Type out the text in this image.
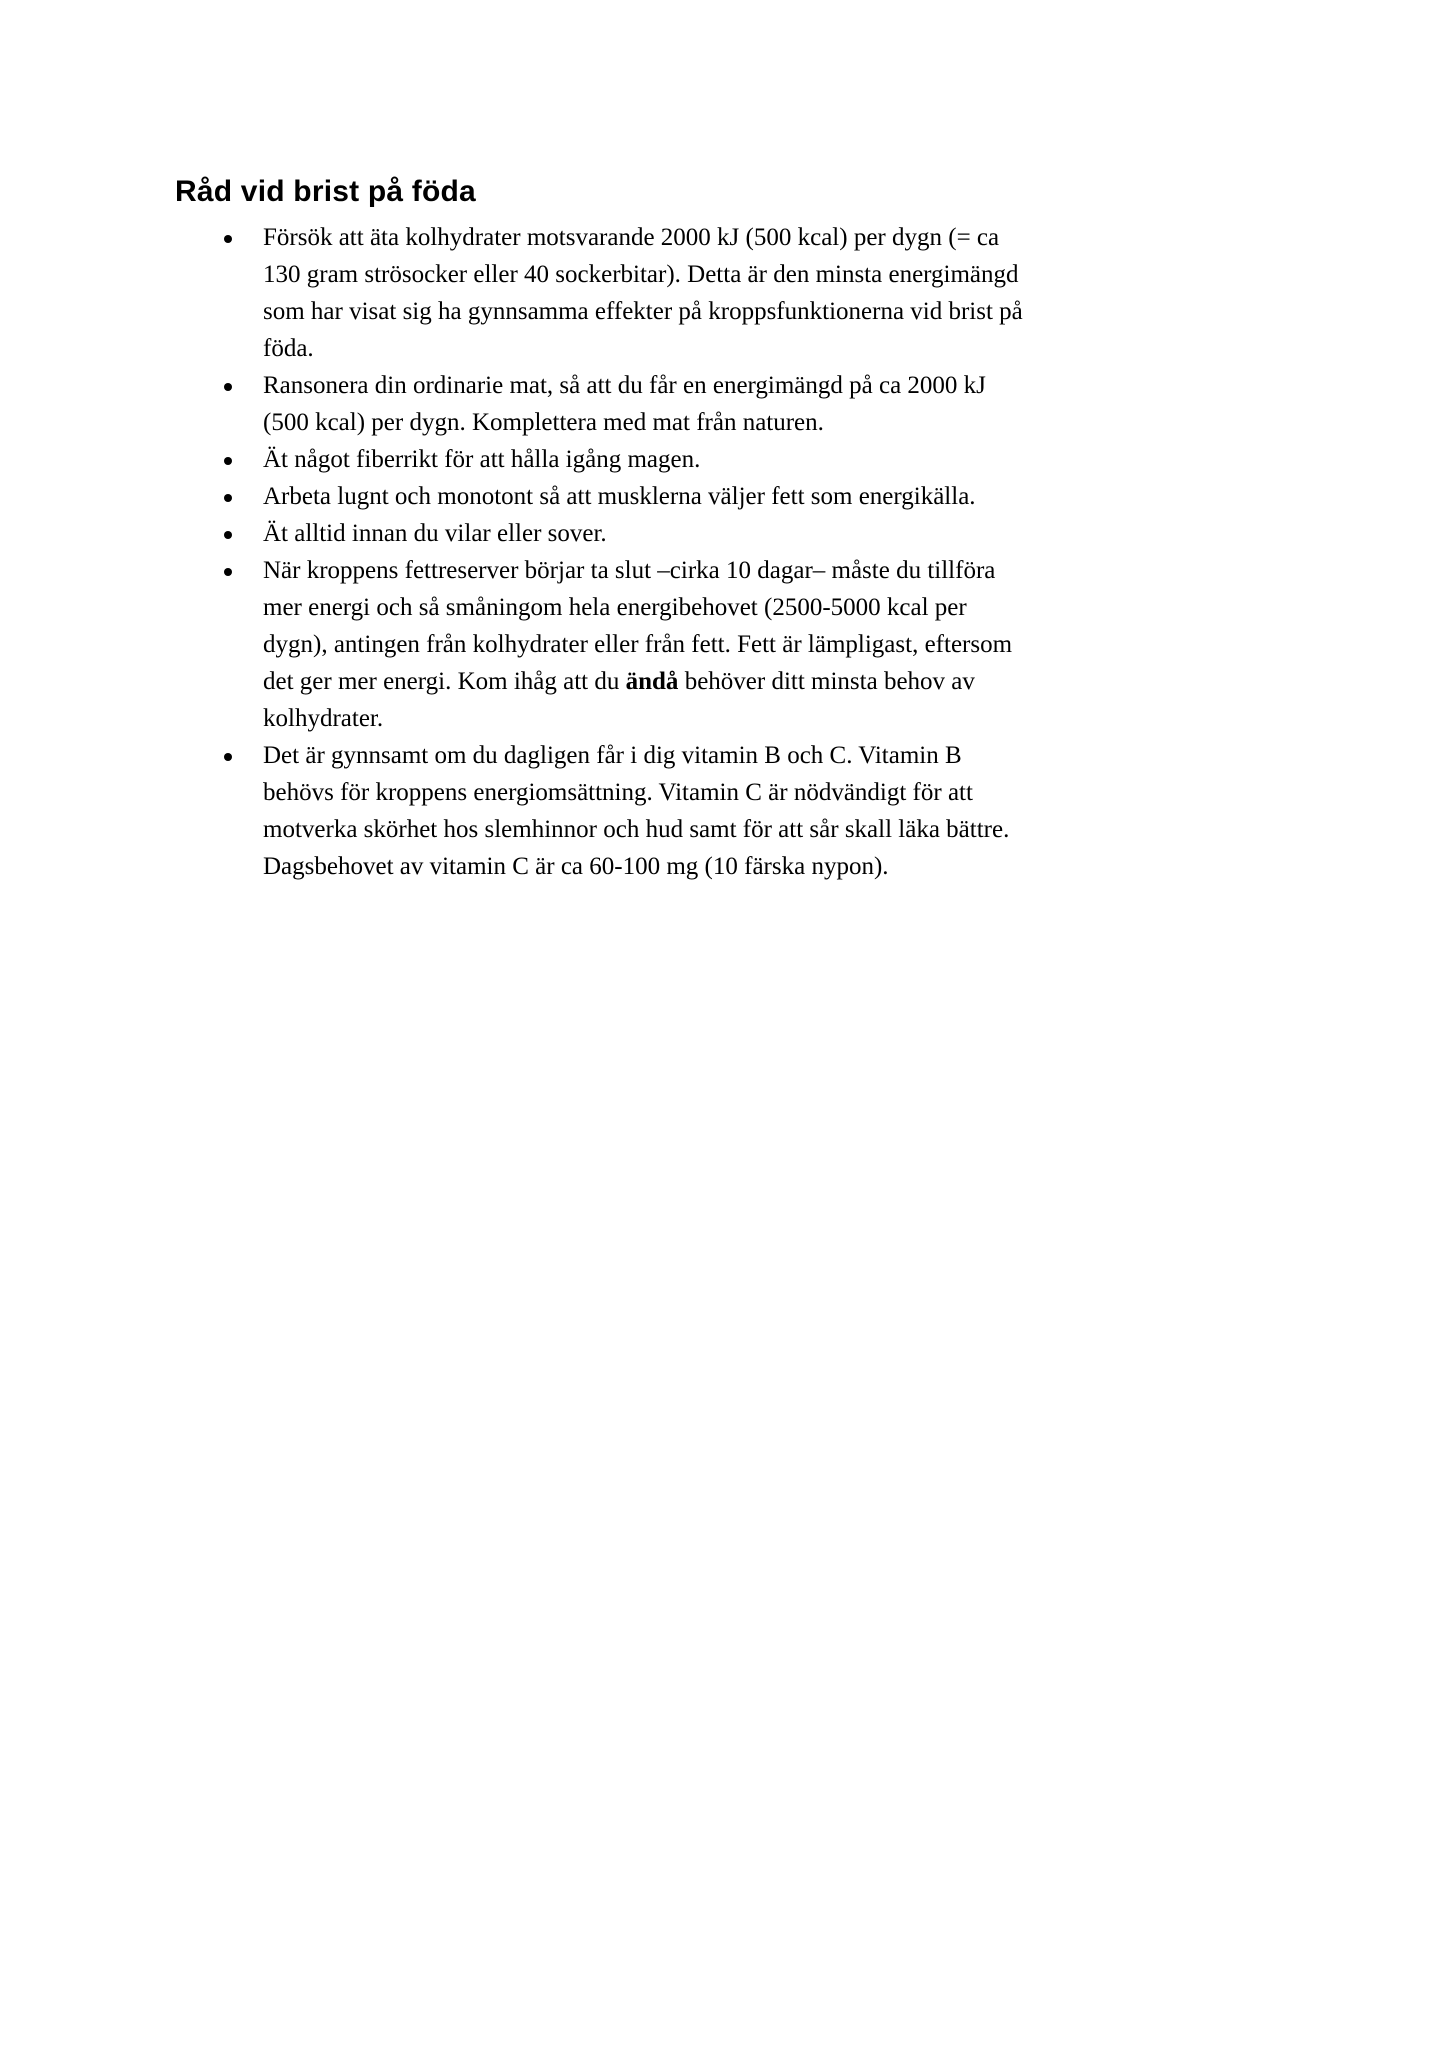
Råd vid brist på föda
Försök att äta kolhydrater motsvarande 2000 kJ (500 kcal) per dygn (= ca 130 gram strösocker eller 40 sockerbitar). Detta är den minsta energimängd som har visat sig ha gynnsamma effekter på kroppsfunktionerna vid brist på föda.
Ransonera din ordinarie mat, så att du får en energimängd på ca 2000 kJ (500 kcal) per dygn. Komplettera med mat från naturen.
Ät något fiberrikt för att hålla igång magen.
Arbeta lugnt och monotont så att musklerna väljer fett som energikälla.
Ät alltid innan du vilar eller sover.
När kroppens fettreserver börjar ta slut –cirka 10 dagar– måste du tillföra mer energi och så småningom hela energibehovet (2500-5000 kcal per dygn), antingen från kolhydrater eller från fett. Fett är lämpligast, eftersom det ger mer energi. Kom ihåg att du ändå behöver ditt minsta behov av kolhydrater.
Det är gynnsamt om du dagligen får i dig vitamin B och C. Vitamin B behövs för kroppens energiomsättning. Vitamin C är nödvändigt för att motverka skörhet hos slemhinnor och hud samt för att sår skall läka bättre. Dagsbehovet av vitamin C är ca 60-100 mg (10 färska nypon).
